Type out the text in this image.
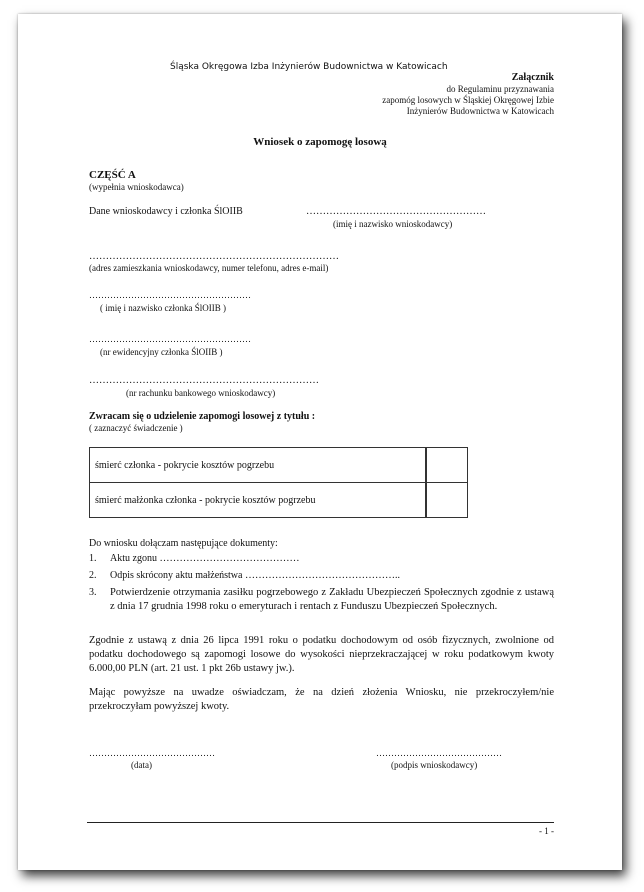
Śląska Okręgowa Izba Inżynierów Budownictwa w Katowicach
Załącznik
do Regulaminu przyznawania
zapomóg losowych w Śląskiej Okręgowej Izbie
Inżynierów Budownictwa w Katowicach
Wniosek o zapomogę losową
CZĘŚĆ A
(wypełnia wnioskodawca)
Dane wnioskodawcy i członka ŚlOIIB	………………………………………………
(imię i nazwisko wnioskodawcy)
…………………………………………………………………
(adres zamieszkania wnioskodawcy, numer telefonu, adres e-mail)
………………………………………………
( imię i nazwisko członka ŚlOIIB )
………………………………………………
(nr ewidencyjny członka ŚlOIIB )
……………………………………………………………
(nr rachunku bankowego wnioskodawcy)
Zwracam się o udzielenie zapomogi losowej z tytułu :
( zaznaczyć świadczenie )
śmierć członka - pokrycie kosztów pogrzebu	
śmierć małżonka członka - pokrycie kosztów pogrzebu	
Do wniosku dołączam następujące dokumenty:
1. Aktu zgonu ……………………………………
2. Odpis skrócony aktu małżeństwa ………………………………………..
3. Potwierdzenie otrzymania zasiłku pogrzebowego z Zakładu Ubezpieczeń Społecznych zgodnie z ustawą z dnia 17 grudnia 1998 roku o emeryturach i rentach z Funduszu Ubezpieczeń Społecznych.
Zgodnie z ustawą z dnia 26 lipca 1991 roku o podatku dochodowym od osób fizycznych, zwolnione od podatku dochodowego są zapomogi losowe do wysokości nieprzekraczającej w roku podatkowym kwoty 6.000,00 PLN (art. 21 ust. 1 pkt 26b ustawy jw.).
Mając powyższe na uwadze oświadczam, że na dzień złożenia Wniosku, nie przekroczyłem/nie przekroczyłam powyższej kwoty.
……………………………………
(data)
……………………………………
(podpis wnioskodawcy)
- 1 -
